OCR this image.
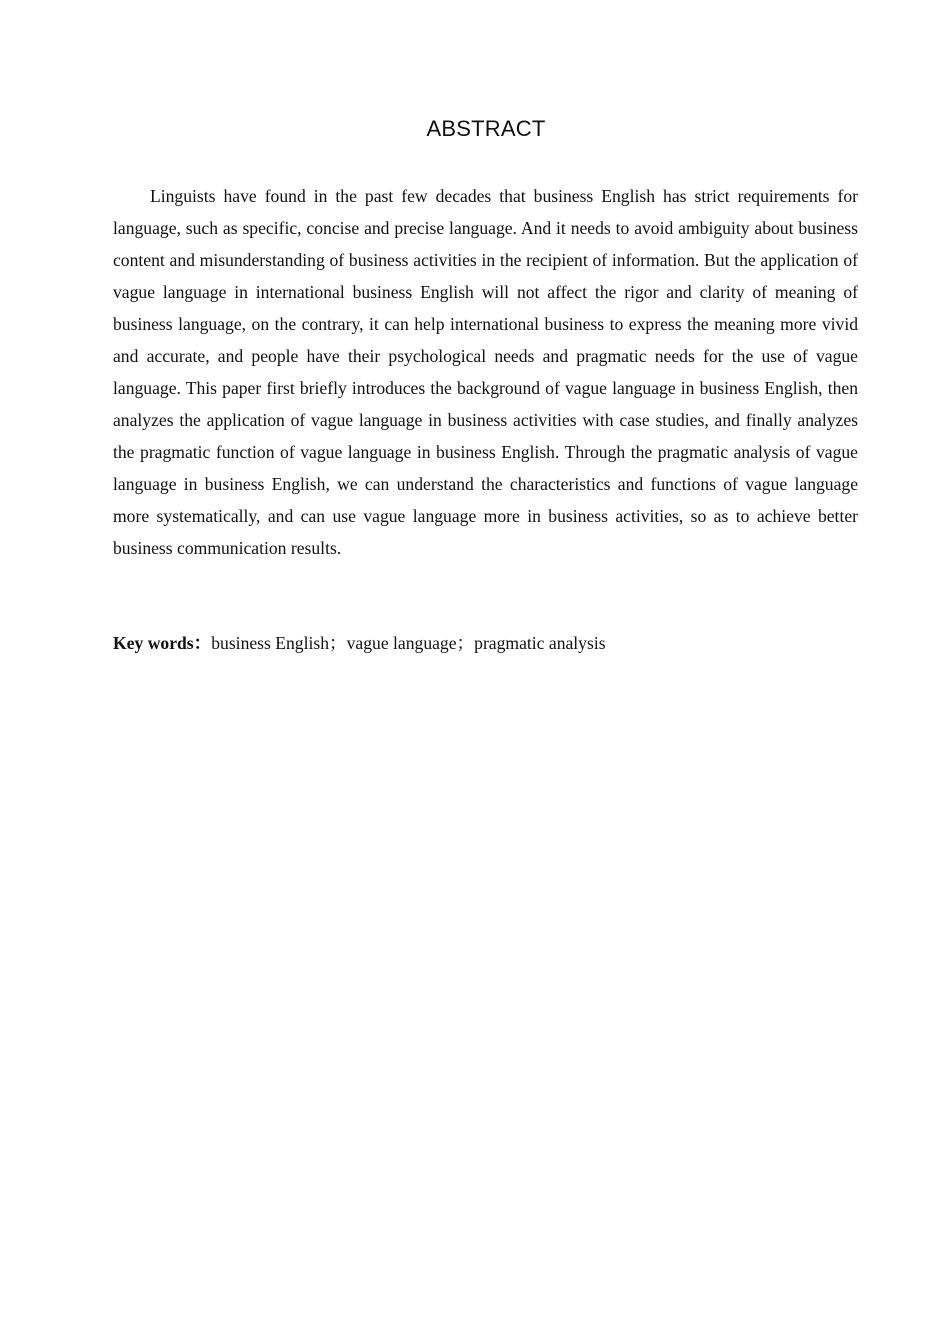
ABSTRACT

Linguists have found in the past few decades that business English has strict requirements for language, such as specific, concise and precise language. And it needs to avoid ambiguity about business content and misunderstanding of business activities in the recipient of information. But the application of vague language in international business English will not affect the rigor and clarity of meaning of business language, on the contrary, it can help international business to express the meaning more vivid and accurate, and people have their psychological needs and pragmatic needs for the use of vague language. This paper first briefly introduces the background of vague language in business English, then analyzes the application of vague language in business activities with case studies, and finally analyzes the pragmatic function of vague language in business English. Through the pragmatic analysis of vague language in business English, we can understand the characteristics and functions of vague language more systematically, and can use vague language more in business activities, so as to achieve better business communication results.

Key words：business English；vague language；pragmatic analysis
